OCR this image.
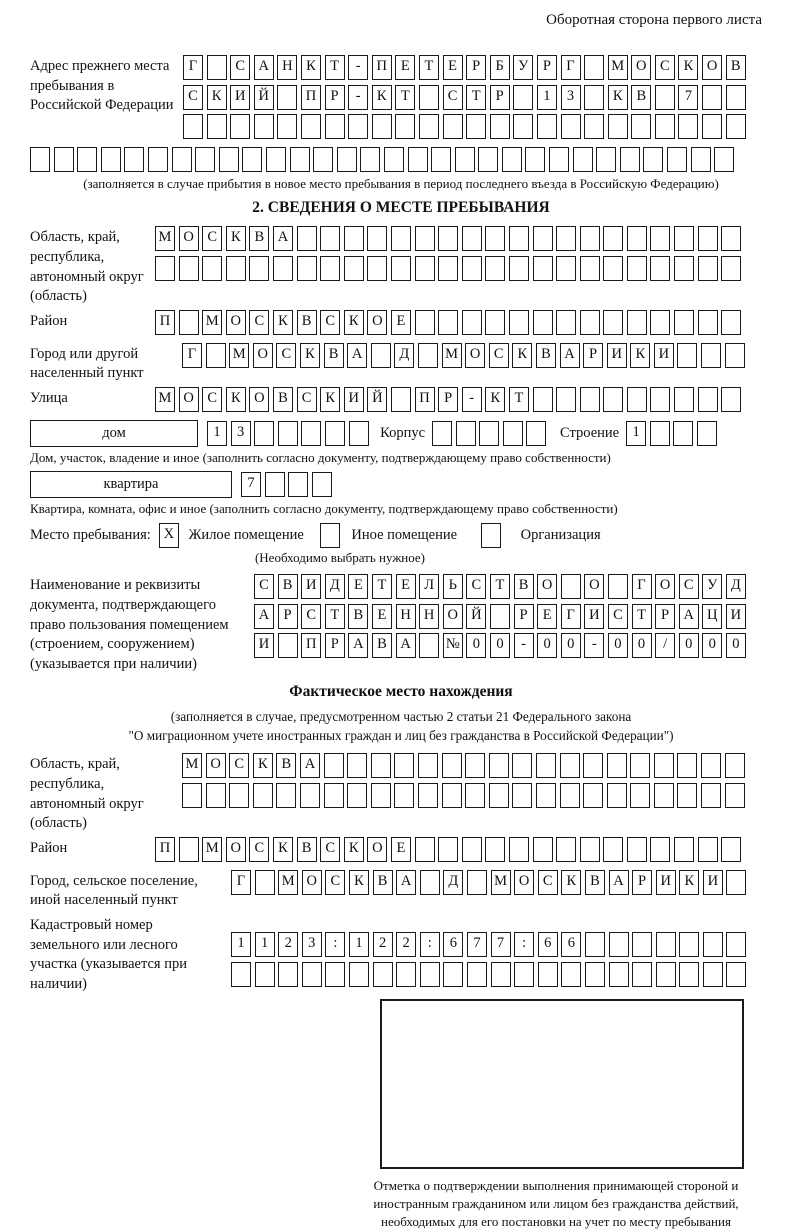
Оборотная сторона первого листа
Адрес прежнего места пребывания в Российской Федерации
Г	С А Н К Т - П Е Т Е Р Б У Р Г	М О С К О В
С К И Й	П Р - К Т	С Т Р	1 3	К В	7
(заполняется в случае прибытия в новое место пребывания в период последнего въезда в Российскую Федерацию)
2. СВЕДЕНИЯ О МЕСТЕ ПРЕБЫВАНИЯ
Область, край, республика, автономный округ (область)
М О С К В А
Район	П М О С К В С К О Е
Город или другой населенный пункт
Г	М О С К В А	Д М О С К В А Р И К И
Улица	М О С К О В С К И Й	П Р - К Т
дом	1 3	Корпус	Строение 1
Дом, участок, владение и иное (заполнить согласно документу, подтверждающему право собственности)
квартира	7
Квартира, комната, офис и иное (заполнить согласно документу, подтверждающему право собственности)
Место пребывания: X Жилое помещение	Иное помещение	Организация
(Необходимо выбрать нужное)
Наименование и реквизиты документа, подтверждающего право пользования помещением (строением, сооружением) (указывается при наличии)
С В И Д Е Т Е Л Ь С Т В О	О	Г О С У Д
А Р С Т В Е Н Н О Й	Р Е Г И С Т Р А Ц И
И	П Р А В А № 0 0 - 0 0 - 0 0 / 0 0 0
Фактическое место нахождения
(заполняется в случае, предусмотренном частью 2 статьи 21 Федерального закона
"О миграционном учете иностранных граждан и лиц без гражданства в Российской Федерации")
Область, край, республика, автономный округ (область)
М О С К В А
Район	П М О С К В С К О Е
Город, сельское поселение, иной населенный пункт
Г	М О С К В А	Д М О С К В А Р И К И
Кадастровый номер земельного или лесного участка (указывается при наличии)
1 1 2 3 : 1 2 2 : 6 7 7 : 6 6
Отметка о подтверждении выполнения принимающей стороной и иностранным гражданином или лицом без гражданства действий, необходимых для его постановки на учет по месту пребывания
